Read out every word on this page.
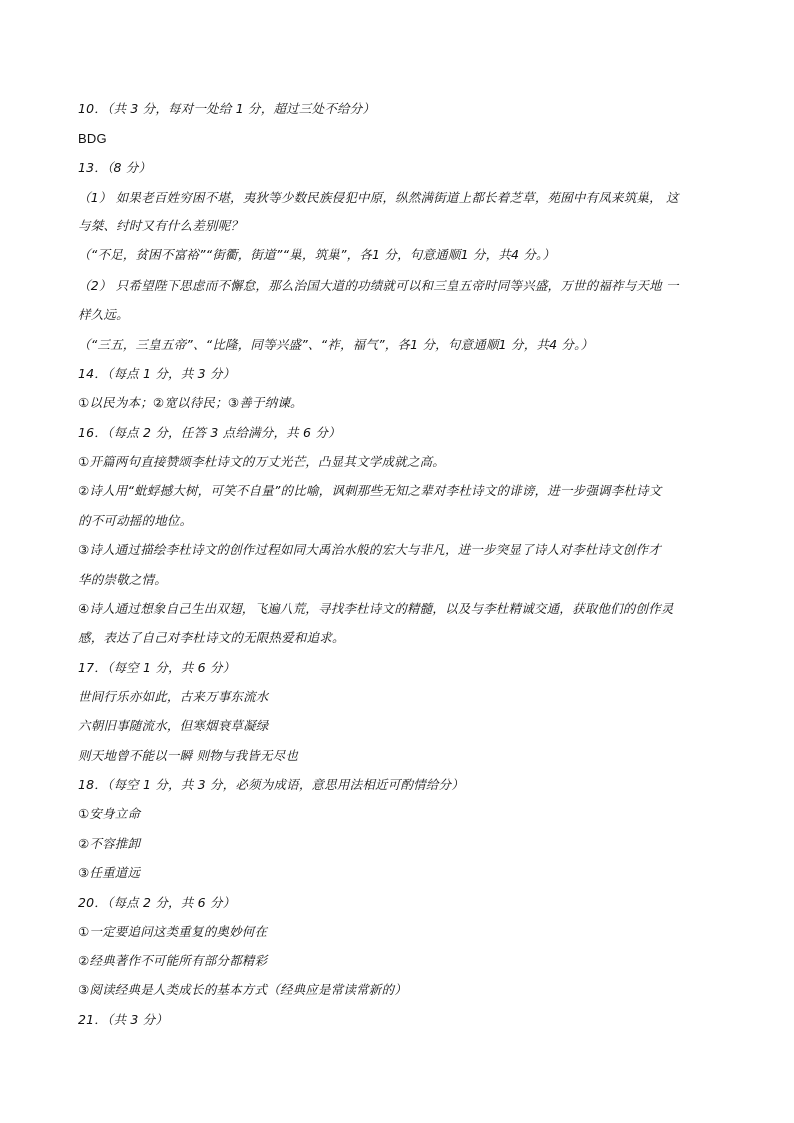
10．（共 3 分，每对一处给 1 分，超过三处不给分）
BDG
13．（8 分）
（1） 如果老百姓穷困不堪，夷狄等少数民族侵犯中原，纵然满街道上都长着芝草，苑囿中有凤来筑巢， 这
与桀、纣时又有什么差别呢？
（“不足，贫困不富裕”“街衢，街道”“巢，筑巢”，各1 分，句意通顺1 分，共4 分。）
（2） 只希望陛下思虑而不懈怠，那么治国大道的功绩就可以和三皇五帝时同等兴盛，万世的福祚与天地 一
样久远。
（“三五，三皇五帝”、“比隆，同等兴盛”、“祚，福气”，各1 分，句意通顺1 分，共4 分。）
14．（每点 1 分，共 3 分）
①以民为本；②宽以待民；③善于纳谏。
16．（每点 2 分，任答 3 点给满分，共 6 分）
①开篇两句直接赞颂李杜诗文的万丈光芒，凸显其文学成就之高。
②诗人用“蚍蜉撼大树，可笑不自量”的比喻，讽刺那些无知之辈对李杜诗文的诽谤，进一步强调李杜诗文
的不可动摇的地位。
③诗人通过描绘李杜诗文的创作过程如同大禹治水般的宏大与非凡，进一步突显了诗人对李杜诗文创作才
华的崇敬之情。
④诗人通过想象自己生出双翅，飞遍八荒，寻找李杜诗文的精髓，以及与李杜精诚交通，获取他们的创作灵
感，表达了自己对李杜诗文的无限热爱和追求。
17．（每空 1 分，共 6 分）
世间行乐亦如此，古来万事东流水
六朝旧事随流水，但寒烟衰草凝绿
则天地曾不能以一瞬 则物与我皆无尽也
18．（每空 1 分，共 3 分，必须为成语，意思用法相近可酌情给分）
①安身立命
②不容推卸
③任重道远
20．（每点 2 分，共 6 分）
①一定要追问这类重复的奥妙何在
②经典著作不可能所有部分都精彩
③阅读经典是人类成长的基本方式（经典应是常读常新的）
21．（共 3 分）
